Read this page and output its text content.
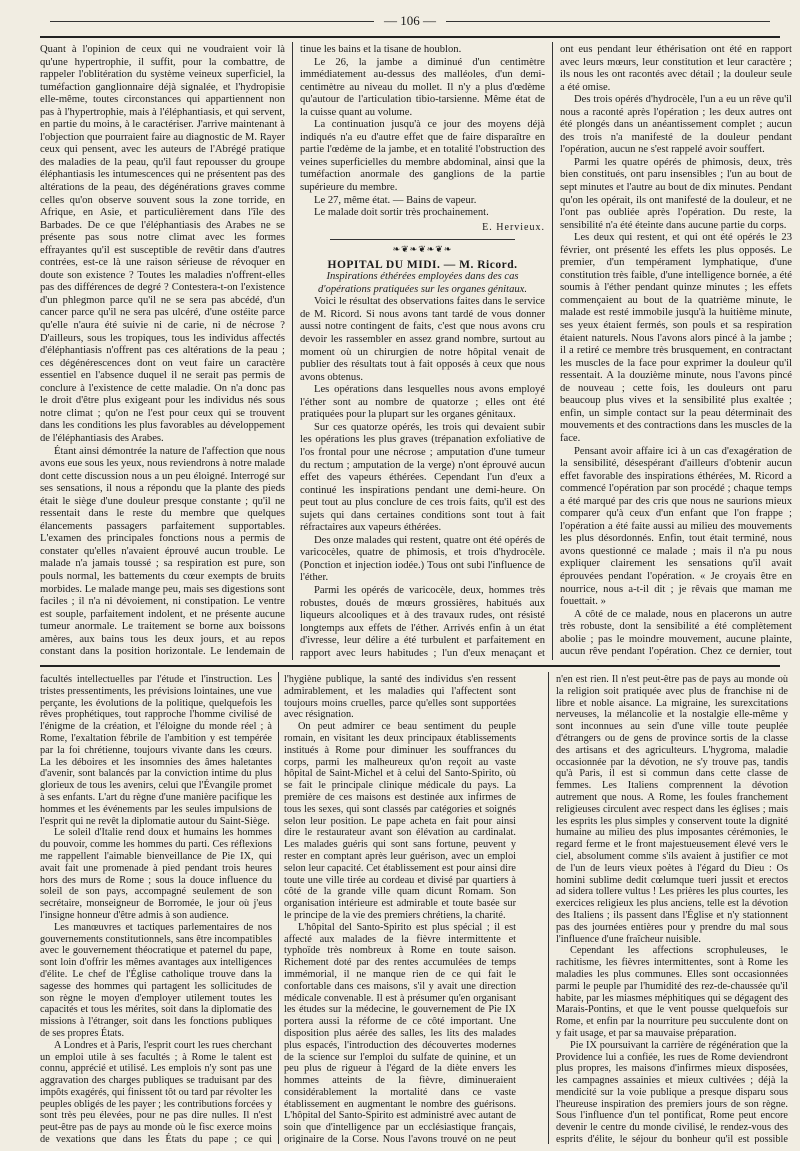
— 106 —

Quant à l'opinion de ceux qui ne voudraient voir là qu'une hypertrophie, il suffit, pour la combattre, de rappeler l'oblitération du système veineux superficiel, la tuméfaction ganglionnaire déjà signalée, et l'hydropisie elle-même, toutes circonstances qui appartiennent non pas à l'hypertrophie, mais à l'éléphantiasis, et qui servent, en partie du moins, à le caractériser. J'arrive maintenant à l'objection que pourraient faire au diagnostic de M. Rayer ceux qui pensent, avec les auteurs de l'Abrégé pratique des maladies de la peau, qu'il faut repousser du groupe éléphantiasis les intumescences qui ne présentent pas des altérations de la peau, des dégénérations graves comme celles qu'on observe souvent sous la zone torride, en Afrique, en Asie, et particulièrement dans l'île des Barbades. De ce que l'éléphantiasis des Arabes ne se présente pas sous notre climat avec les formes effrayantes qu'il est susceptible de revêtir dans d'autres contrées, est-ce là une raison sérieuse de révoquer en doute son existence ? Toutes les maladies n'offrent-elles pas des différences de degré ? Contestera-t-on l'existence d'un phlegmon parce qu'il ne se sera pas abcédé, d'un cancer parce qu'il ne sera pas ulcéré, d'une ostéite parce qu'elle n'aura été suivie ni de carie, ni de nécrose ? D'ailleurs, sous les tropiques, tous les individus affectés d'éléphantiasis n'offrent pas ces altérations de la peau ; ces dégénérescences dont on veut faire un caractère essentiel en l'absence duquel il ne serait pas permis de conclure à l'existence de cette maladie. On n'a donc pas le droit d'être plus exigeant pour les individus nés sous notre climat ; qu'on ne l'est pour ceux qui se trouvent dans les conditions les plus favorables au développement de l'éléphantiasis des Arabes.

Étant ainsi démontrée la nature de l'affection que nous avons eue sous les yeux, nous reviendrons à notre malade dont cette discussion nous a un peu éloigné. Interrogé sur ses sensations, il nous a répondu que la plante des pieds était le siège d'une douleur presque constante ; qu'il ne ressentait dans le reste du membre que quelques élancements passagers parfaitement supportables. L'examen des principales fonctions nous a permis de constater qu'elles n'avaient éprouvé aucun trouble. Le malade n'a jamais toussé ; sa respiration est pure, son pouls normal, les battements du cœur exempts de bruits morbides. Le malade mange peu, mais ses digestions sont faciles ; il n'a ni dévoiement, ni constipation. Le ventre est souple, parfaitement indolent, et ne présente aucune tumeur anormale. Le traitement se borne aux boissons amères, aux bains tous les deux jours, et au repos constant dans la position horizontale. Le lendemain de

tinue les bains et la tisane de houblon.

Le 26, la jambe a diminué d'un centimètre immédiatement au-dessus des malléoles, d'un demi-centimètre au niveau du mollet. Il n'y a plus d'œdème qu'autour de l'articulation tibio-tarsienne. Même état de la cuisse quant au volume.

La continuation jusqu'à ce jour des moyens déjà indiqués n'a eu d'autre effet que de faire disparaître en partie l'œdème de la jambe, et en totalité l'obstruction des veines superficielles du membre abdominal, ainsi que la tuméfaction anormale des ganglions de la partie supérieure du membre.

Le 27, même état. — Bains de vapeur.

Le malade doit sortir très prochainement.

E. Hervieux.

❧❦❧❦❧❦❧

HOPITAL DU MIDI. — M. Ricord.

Inspirations éthérées employées dans des cas d'opérations pratiquées sur les organes génitaux.

Voici le résultat des observations faites dans le service de M. Ricord. Si nous avons tant tardé de vous donner aussi notre contingent de faits, c'est que nous avons cru devoir les rassembler en assez grand nombre, surtout au moment où un chirurgien de notre hôpital venait de publier des résultats tout à fait opposés à ceux que nous avons obtenus.

Les opérations dans lesquelles nous avons employé l'éther sont au nombre de quatorze ; elles ont été pratiquées pour la plupart sur les organes génitaux.

Sur ces quatorze opérés, les trois qui devaient subir les opérations les plus graves (trépanation exfoliative de l'os frontal pour une nécrose ; amputation d'une tumeur du rectum ; amputation de la verge) n'ont éprouvé aucun effet des vapeurs éthérées. Cependant l'un d'eux a continué les inspirations pendant une demi-heure. On peut tout au plus conclure de ces trois faits, qu'il est des sujets qui dans certaines conditions sont tout à fait réfractaires aux vapeurs éthérées.

Des onze malades qui restent, quatre ont été opérés de varicocèles, quatre de phimosis, et trois d'hydrocèle. (Ponction et injection iodée.) Tous ont subi l'influence de l'éther.

Parmi les opérés de varicocèle, deux, hommes très robustes, doués de mœurs grossières, habitués aux liqueurs alcooliques et à des travaux rudes, ont résisté longtemps aux effets de l'éther. Arrivés enfin à un état d'ivresse, leur délire a été turbulent et parfaitement en rapport avec leurs habitudes ; l'un d'eux menaçant et

ont eus pendant leur éthérisation ont été en rapport avec leurs mœurs, leur constitution et leur caractère ; ils nous les ont racontés avec détail ; la douleur seule a été omise.

Des trois opérés d'hydrocèle, l'un a eu un rêve qu'il nous a raconté après l'opération ; les deux autres ont été plongés dans un anéantissement complet ; aucun des trois n'a manifesté de la douleur pendant l'opération, aucun ne s'est rappelé avoir souffert.

Parmi les quatre opérés de phimosis, deux, très bien constitués, ont paru insensibles ; l'un au bout de sept minutes et l'autre au bout de dix minutes. Pendant qu'on les opérait, ils ont manifesté de la douleur, et ne l'ont pas oubliée après l'opération. Du reste, la sensibilité n'a été éteinte dans aucune partie du corps.

Les deux qui restent, et qui ont été opérés le 23 février, ont présenté les effets les plus opposés. Le premier, d'un tempérament lymphatique, d'une constitution très faible, d'une intelligence bornée, a été soumis à l'éther pendant quinze minutes ; les effets commençaient au bout de la quatrième minute, le malade est resté immobile jusqu'à la huitième minute, ses yeux étaient fermés, son pouls et sa respiration étaient naturels. Nous l'avons alors pincé à la jambe ; il a retiré ce membre très brusquement, en contractant les muscles de la face pour exprimer la douleur qu'il ressentait. A la douzième minute, nous l'avons pincé de nouveau ; cette fois, les douleurs ont paru beaucoup plus vives et la sensibilité plus exaltée ; enfin, un simple contact sur la peau déterminait des mouvements et des contractions dans les muscles de la face.

Pensant avoir affaire ici à un cas d'exagération de la sensibilité, désespérant d'ailleurs d'obtenir aucun effet favorable des inspirations éthérées, M. Ricord a commencé l'opération par son procédé ; chaque temps a été marqué par des cris que nous ne saurions mieux comparer qu'à ceux d'un enfant que l'on frappe ; l'opération a été faite aussi au milieu des mouvements les plus désordonnés. Enfin, tout était terminé, nous avons questionné ce malade ; mais il n'a pu nous expliquer clairement les sensations qu'il avait éprouvées pendant l'opération. « Je croyais être en nourrice, nous a-t-il dit ; je rêvais que maman me fouettait. »

A côté de ce malade, nous en placerons un autre très robuste, dont la sensibilité a été complètement abolie ; pas le moindre mouvement, aucune plainte, aucun rêve pendant l'opération. Chez ce dernier, tout

facultés intellectuelles par l'étude et l'instruction. Les tristes pressentiments, les prévisions lointaines, une vue perçante, les évolutions de la politique, quelquefois les rêves prophétiques, tout rapproche l'homme civilisé de l'énigme de la création, et l'éloigne du monde réel ; à Rome, l'exaltation fébrile de l'ambition y est tempérée par la foi chrétienne, toujours vivante dans les cœurs. La les déboires et les insomnies des âmes haletantes d'avenir, sont balancés par la conviction intime du plus glorieux de tous les avenirs, celui que l'Évangile promet à ses enfants. L'art du règne d'une manière pacifique les hommes et les événements par les seules impulsions de l'esprit qui ne revêt la diplomatie autour du Saint-Siège.

Le soleil d'Italie rend doux et humains les hommes du pouvoir, comme les hommes du parti. Ces réflexions me rappellent l'aimable bienveillance de Pie IX, qui avait fait une promenade à pied pendant trois heures hors des murs de Rome ; sous la douce influence du soleil de son pays, accompagné seulement de son secrétaire, monseigneur de Borromée, le jour où j'eus l'insigne honneur d'être admis à son audience.

Les manœuvres et tactiques parlementaires de nos gouvernements constitutionnels, sans être incompatibles avec le gouvernement théocratique et paternel du pape, sont loin d'offrir les mêmes avantages aux intelligences d'élite. Le chef de l'Église catholique trouve dans la sagesse des hommes qui partagent les sollicitudes de son règne le moyen d'employer utilement toutes les capacités et tous les mérites, soit dans la diplomatie des missions à l'étranger, soit dans les fonctions publiques de ses propres États.

A Londres et à Paris, l'esprit court les rues cherchant un emploi utile à ses facultés ; à Rome le talent est connu, apprécié et utilisé. Les emplois n'y sont pas une aggravation des charges publiques se traduisant par des impôts exagérés, qui finissent tôt ou tard par révolter les peuples obligés de les payer ; les contributions forcées y sont très peu élevées, pour ne pas dire nulles. Il n'est peut-être pas de pays au monde où le fisc exerce moins de vexations que dans les États du pape ; ce qui

l'hygiène publique, la santé des individus s'en ressent admirablement, et les maladies qui l'affectent sont toujours moins cruelles, parce qu'elles sont supportées avec résignation.

On peut admirer ce beau sentiment du peuple romain, en visitant les deux principaux établissements institués à Rome pour diminuer les souffrances du corps, parmi les malheureux qu'on reçoit au vaste hôpital de Saint-Michel et à celui del Santo-Spirito, où se fait le principale clinique médicale du pays. La première de ces maisons est destinée aux infirmes de tous les sexes, qui sont classés par catégories et soignés selon leur position. Le pape acheta en fait pour ainsi dire le restaurateur avant son élévation au cardinalat. Les malades guéris qui sont sans fortune, peuvent y rester en comptant après leur guérison, avec un emploi selon leur capacité. Cet établissement est pour ainsi dire toute une ville tirée au cordeau et divisé par quartiers à côté de la grande ville quam dicunt Romam. Son organisation intérieure est admirable et toute basée sur le principe de la vie des premiers chrétiens, la charité.

L'hôpital del Santo-Spirito est plus spécial ; il est affecté aux malades de la fièvre intermittente et typhoïde très nombreux à Rome en toute saison. Richement doté par des rentes accumulées de temps immémorial, il ne manque rien de ce qui fait le confortable dans ces maisons, s'il y avait une direction médicale convenable. Il est à présumer qu'en organisant les études sur la médecine, le gouvernement de Pie IX portera aussi la réforme de ce côté important. Une disposition plus aérée des salles, les lits des malades plus espacés, l'introduction des découvertes modernes de la science sur l'emploi du sulfate de quinine, et un peu plus de rigueur à l'égard de la diète envers les hommes atteints de la fièvre, diminueraient considérablement la mortalité dans ce vaste établissement en augmentant le nombre des guérisons. L'hôpital del Santo-Spirito est administré avec autant de soin que d'intelligence par un ecclésiastique français, originaire de la Corse. Nous l'avons trouvé on ne peut

n'en est rien. Il n'est peut-être pas de pays au monde où la religion soit pratiquée avec plus de franchise ni de libre et noble aisance. La migraine, les surexcitations nerveuses, la mélancolie et la nostalgie elle-même y sont inconnues au sein d'une ville toute peuplée d'étrangers ou de gens de province sortis de la classe des artisans et des agriculteurs. L'hygroma, maladie occasionnée par la dévotion, ne s'y trouve pas, tandis qu'à Paris, il est si commun dans cette classe de femmes. Les Italiens comprennent la dévotion autrement que nous. A Rome, les foules franchement religieuses circulent avec respect dans les églises ; mais les esprits les plus simples y conservent toute la dignité humaine au milieu des plus imposantes cérémonies, le regard ferme et le front majestueusement élevé vers le ciel, absolument comme s'ils avaient à justifier ce mot de l'un de leurs vieux poètes à l'égard du Dieu : Os homini sublime dedit cœlumque tueri jussit et erectos ad sidera tollere vultus ! Les prières les plus courtes, les exercices religieux les plus anciens, telle est la dévotion des Italiens ; ils passent dans l'Église et n'y stationnent pas des journées entières pour y prendre du mal sous l'influence d'une fraîcheur nuisible.

Cependant les affections scrophuleuses, le rachitisme, les fièvres intermittentes, sont à Rome les maladies les plus communes. Elles sont occasionnées parmi le peuple par l'humidité des rez-de-chaussée qu'il habite, par les miasmes méphitiques qui se dégagent des Marais-Pontins, et que le vent pousse quelquefois sur Rome, et enfin par la nourriture peu succulente dont on y fait usage, et par sa mauvaise préparation.

Pie IX poursuivant la carrière de régénération que la Providence lui a confiée, les rues de Rome deviendront plus propres, les maisons d'infirmes mieux disposées, les campagnes assainies et mieux cultivées ; déjà la mendicité sur la voie publique a presque disparu sous l'heureuse inspiration des premiers jours de son règne. Sous l'influence d'un tel pontificat, Rome peut encore devenir le centre du monde civilisé, le rendez-vous des esprits d'élite, le séjour du bonheur qu'il est possible
